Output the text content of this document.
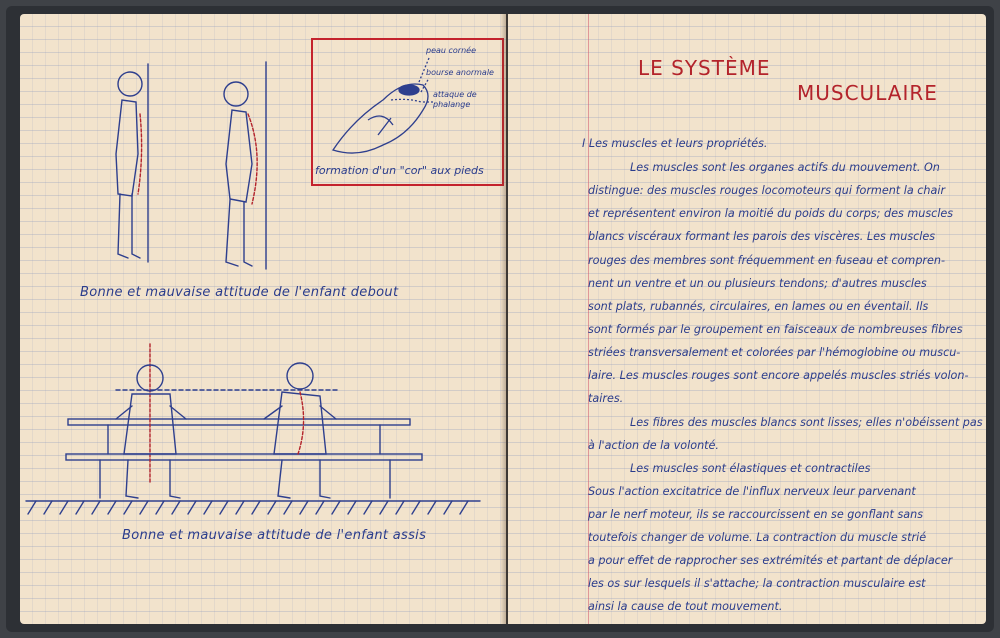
Bonne et mauvaise attitude de l'enfant debout
Bonne et mauvaise attitude de l'enfant assis
peau cornée
bourse anormale
attaque de
phalange
formation d'un "cor" aux pieds
LE SYSTÈME
MUSCULAIRE
I Les muscles et leurs propriétés.
Les muscles sont les organes actifs du mouvement. On
distingue: des muscles rouges locomoteurs qui forment la chair
et représentent environ la moitié du poids du corps; des muscles
blancs viscéraux formant les parois des viscères. Les muscles
rouges des membres sont fréquemment en fuseau et compren-
nent un ventre et un ou plusieurs tendons; d'autres muscles
sont plats, rubannés, circulaires, en lames ou en éventail. Ils
sont formés par le groupement en faisceaux de nombreuses fibres
striées transversalement et colorées par l'hémoglobine ou muscu-
laire. Les muscles rouges sont encore appelés muscles striés volon-
taires.
Les fibres des muscles blancs sont lisses; elles n'obéissent pas
à l'action de la volonté.
Les muscles sont élastiques et contractiles
Sous l'action excitatrice de l'influx nerveux leur parvenant
par le nerf moteur, ils se raccourcissent en se gonflant sans
toutefois changer de volume. La contraction du muscle strié
a pour effet de rapprocher ses extrémités et partant de déplacer
les os sur lesquels il s'attache; la contraction musculaire est
ainsi la cause de tout mouvement.
